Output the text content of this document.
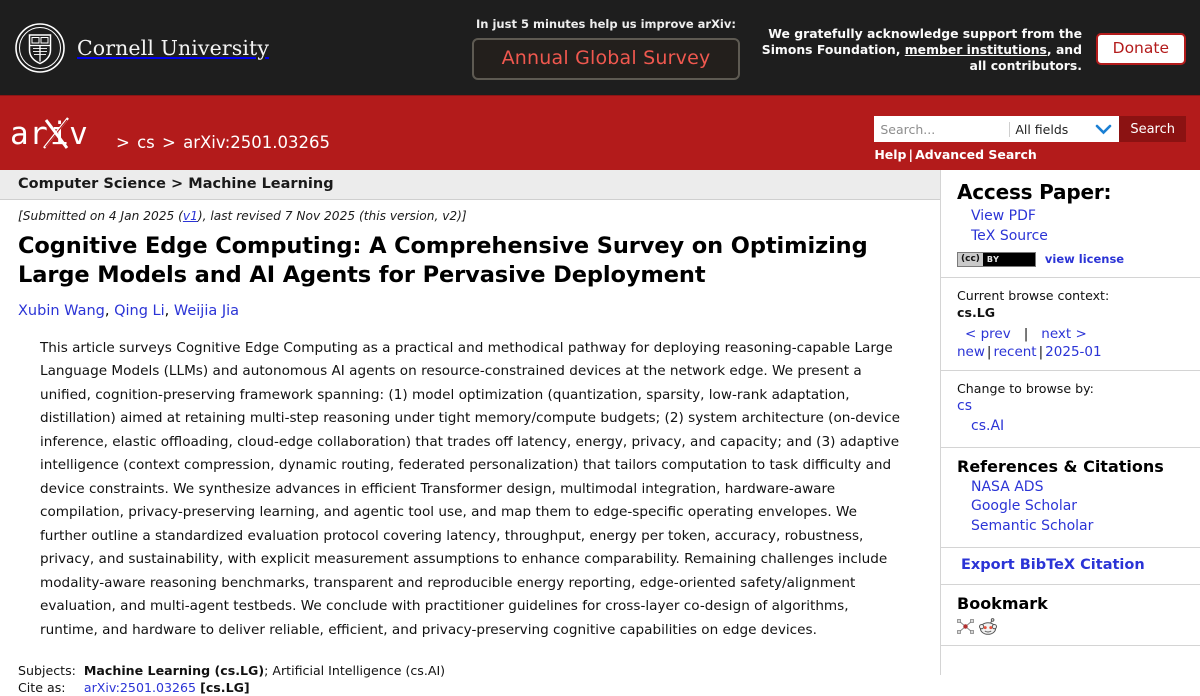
Cornell University
In just 5 minutes help us improve arXiv:
Annual Global Survey
We gratefully acknowledge support from the
Simons Foundation, member institutions, and
all contributors.
Donate
ar iv > cs > arXiv:2501.03265
Search...
All fields
Search
Help | Advanced Search
Computer Science > Machine Learning
[Submitted on 4 Jan 2025 (v1), last revised 7 Nov 2025 (this version, v2)]
Cognitive Edge Computing: A Comprehensive Survey on Optimizing Large Models and AI Agents for Pervasive Deployment
Xubin Wang, Qing Li, Weijia Jia
This article surveys Cognitive Edge Computing as a practical and methodical pathway for deploying reasoning-capable Large Language Models (LLMs) and autonomous AI agents on resource-constrained devices at the network edge. We present a unified, cognition-preserving framework spanning: (1) model optimization (quantization, sparsity, low-rank adaptation, distillation) aimed at retaining multi-step reasoning under tight memory/compute budgets; (2) system architecture (on-device inference, elastic offloading, cloud-edge collaboration) that trades off latency, energy, privacy, and capacity; and (3) adaptive intelligence (context compression, dynamic routing, federated personalization) that tailors computation to task difficulty and device constraints. We synthesize advances in efficient Transformer design, multimodal integration, hardware-aware compilation, privacy-preserving learning, and agentic tool use, and map them to edge-specific operating envelopes. We further outline a standardized evaluation protocol covering latency, throughput, energy per token, accuracy, robustness, privacy, and sustainability, with explicit measurement assumptions to enhance comparability. Remaining challenges include modality-aware reasoning benchmarks, transparent and reproducible energy reporting, edge-oriented safety/alignment evaluation, and multi-agent testbeds. We conclude with practitioner guidelines for cross-layer co-design of algorithms, runtime, and hardware to deliver reliable, efficient, and privacy-preserving cognitive capabilities on edge devices.
Subjects:	Machine Learning (cs.LG); Artificial Intelligence (cs.AI)
Cite as:	arXiv:2501.03265 [cs.LG]
Access Paper:
View PDF
TeX Source
(cc) BY	view license
Current browse context:
cs.LG
< prev | next >
new | recent | 2025-01
Change to browse by:
cs
cs.AI
References & Citations
NASA ADS
Google Scholar
Semantic Scholar
Export BibTeX Citation
Bookmark
